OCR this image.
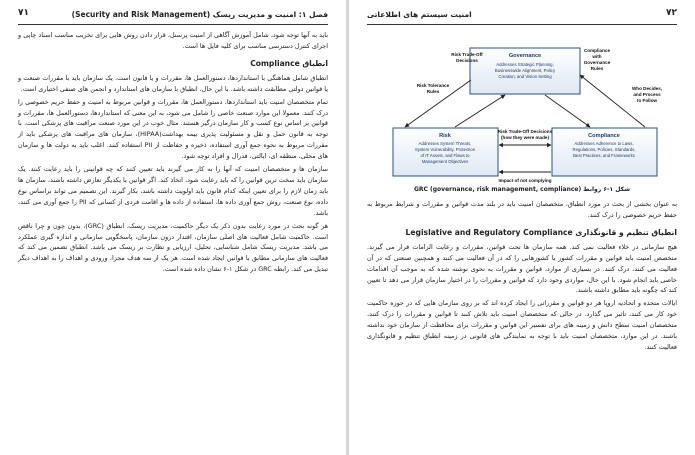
۷۱	فصل ۱: امنیت و مدیریت ریسک (Security and Risk Management)

باید به آنها توجه شود، شامل آموزش آگاهی از امنیت پرسنل، قرار دادن روش هایی برای تخریب مناسب اسناد چاپی و اجرای کنترل دسترسی مناسب برای کلیه فایل ها است.

انطباق Compliance

انطباق شامل هماهنگی با استانداردها، دستورالعمل ها، مقررات و یا قانون است. یک سازمان باید با مقررات صنعت و یا قوانین دولتی مطابقت داشته باشد. با این حال، انطباق با سازمان های استاندارد و انجمن های صنفی اختیاری است.

تمام متخصصان امنیت باید استانداردها، دستورالعمل ها، مقررات و قوانین مربوط به امنیت و حفظ حریم خصوصی را درک کنند. معمولا این موارد صنعت خاصی را شامل می شود، به این معنی که استانداردها، دستورالعمل ها، مقررات و قوانین بر اساس نوع کسب و کار سازمان درگیر هستند. مثال خوب در این مورد صنعت مراقبت های پزشکی است. با توجه به قانون حمل و نقل و مسئولیت پذیری بیمه بهداشت(HIPAA)، سازمان های مراقبت های پزشکی باید از مقررات مربوط به نحوه جمع آوری استفاده، ذخیره و حفاظت از PII استفاده کنند. اغلب باید به دولت ها و سازمان های محلی، منطقه ای، ایالتی، فدرال و افراد توجه شود.

سازمان ها و متخصصان امنیت که آنها را به کار می گیرند باید تعیین کنند که چه قوانینی را باید رعایت کنند. یک سازمان باید سخت ترین قوانین را که باید رعایت شود، اتخاذ کند. اگر قوانین با یکدیگر تعارض داشته باشند، سازمان ها باید زمان لازم را برای تعیین اینکه کدام قانون باید اولویت داشته باشد، بکار گیرند. این تصمیم می تواند براساس نوع داده، نوع صنعت، روش جمع آوری داده ها، استفاده از داده ها و اقامت فردی از کسانی که PII را جمع آوری می کنند، باشد.

هر گونه بحث در مورد رعایت بدون ذکر یک دیگر حاکمیت، مدیریت ریسک، انطباق (GRC)، بدون چون و چرا ناقص است. حاکمیت شامل فعالیت های اصلی سازمان، اقتدار درون سازمان، پاسخگویی سازمانی و اندازه گیری عملکرد می باشد. مدیریت ریسک شامل شناسایی، تحلیل، ارزیابی و نظارت بر ریسک می باشد. انطباق تضمین می کند که فعالیت های سازمانی مطابق با قوانین ایجاد شده است. هر یک از سه هدف مجزا، ورودی و اهداف را به اهداف دیگر تبدیل می کند. رابطه GRC در شکل ۱-۶ نشان داده شده است.

۷۲
امنیت سیستم های اطلاعاتی
Governance
Addresses Strategic Planning,
Businesswide Alignment, Policy
Creation, and Vision Setting
Risk
Addresses System Threats,
System Vulnerability, Protection
of IT Assets, and Flaws to
Management Objectives
Compliance
Addresses Adherence to Laws,
Regulations, Policies, Standards,
Best Practices, and Frameworks
Risk Tolerance
Rules
Risk Trade-Off
Decisions
Compliance
with
Governance
Rules
Who Decides,
and Process
to Follow
Risk Trade-Off Decisions
(how they were made)
Impact of not complying
شکل ۱-۶ روابط GRC (governance, risk management, compliance)

به عنوان بخشی از بحث در مورد انطباق، متخصصان امنیت باید در بلند مدت قوانین و مقررات و شرایط مربوط به حفظ حریم خصوصی را درک کنند.

انطباق تنظیم و قانونگذاری Legislative and Regulatory Compliance

هیچ سازمانی در خلاء فعالیت نمی کند. همه سازمان ها تحت قوانین، مقررات و رعایت الزامات قرار می گیرند. متخصص امنیت باید قوانین و مقررات کشور یا کشورهایی را که در آن فعالیت می کنند و همچنین صنعتی که در آن فعالیت می کنند، درک کنند. در بسیاری از موارد، قوانین و مقررات به نحوی نوشته شده که به موجب آن اقدامات خاصی باید انجام شود. با این حال، مواردی وجود دارد که قوانین و مقررات را در اختیار سازمان قرار می دهد تا تعیین کند که چگونه باید مطابق داشته باشند.

ایالات متحده و اتحادیه اروپا هر دو قوانین و مقرراتی را ایجاد کرده اند که بر روی سازمان هایی که در حوزه حاکمیت خود کار می کنند، تاثیر می گذارد. در حالی که متخصصان امنیت باید تلاش کنند تا قوانین و مقررات را درک کنند، متخصصان امنیت سطح دانش و زمینه های برای تفسیر این قوانین و مقررات برای محافظت از سازمان خود نداشته باشند. در این موارد، متخصصان امنیت باید با توجه به نمایندگی های قانونی در زمینه انطباق تنظیم و قانونگذاری فعالیت کنند.
